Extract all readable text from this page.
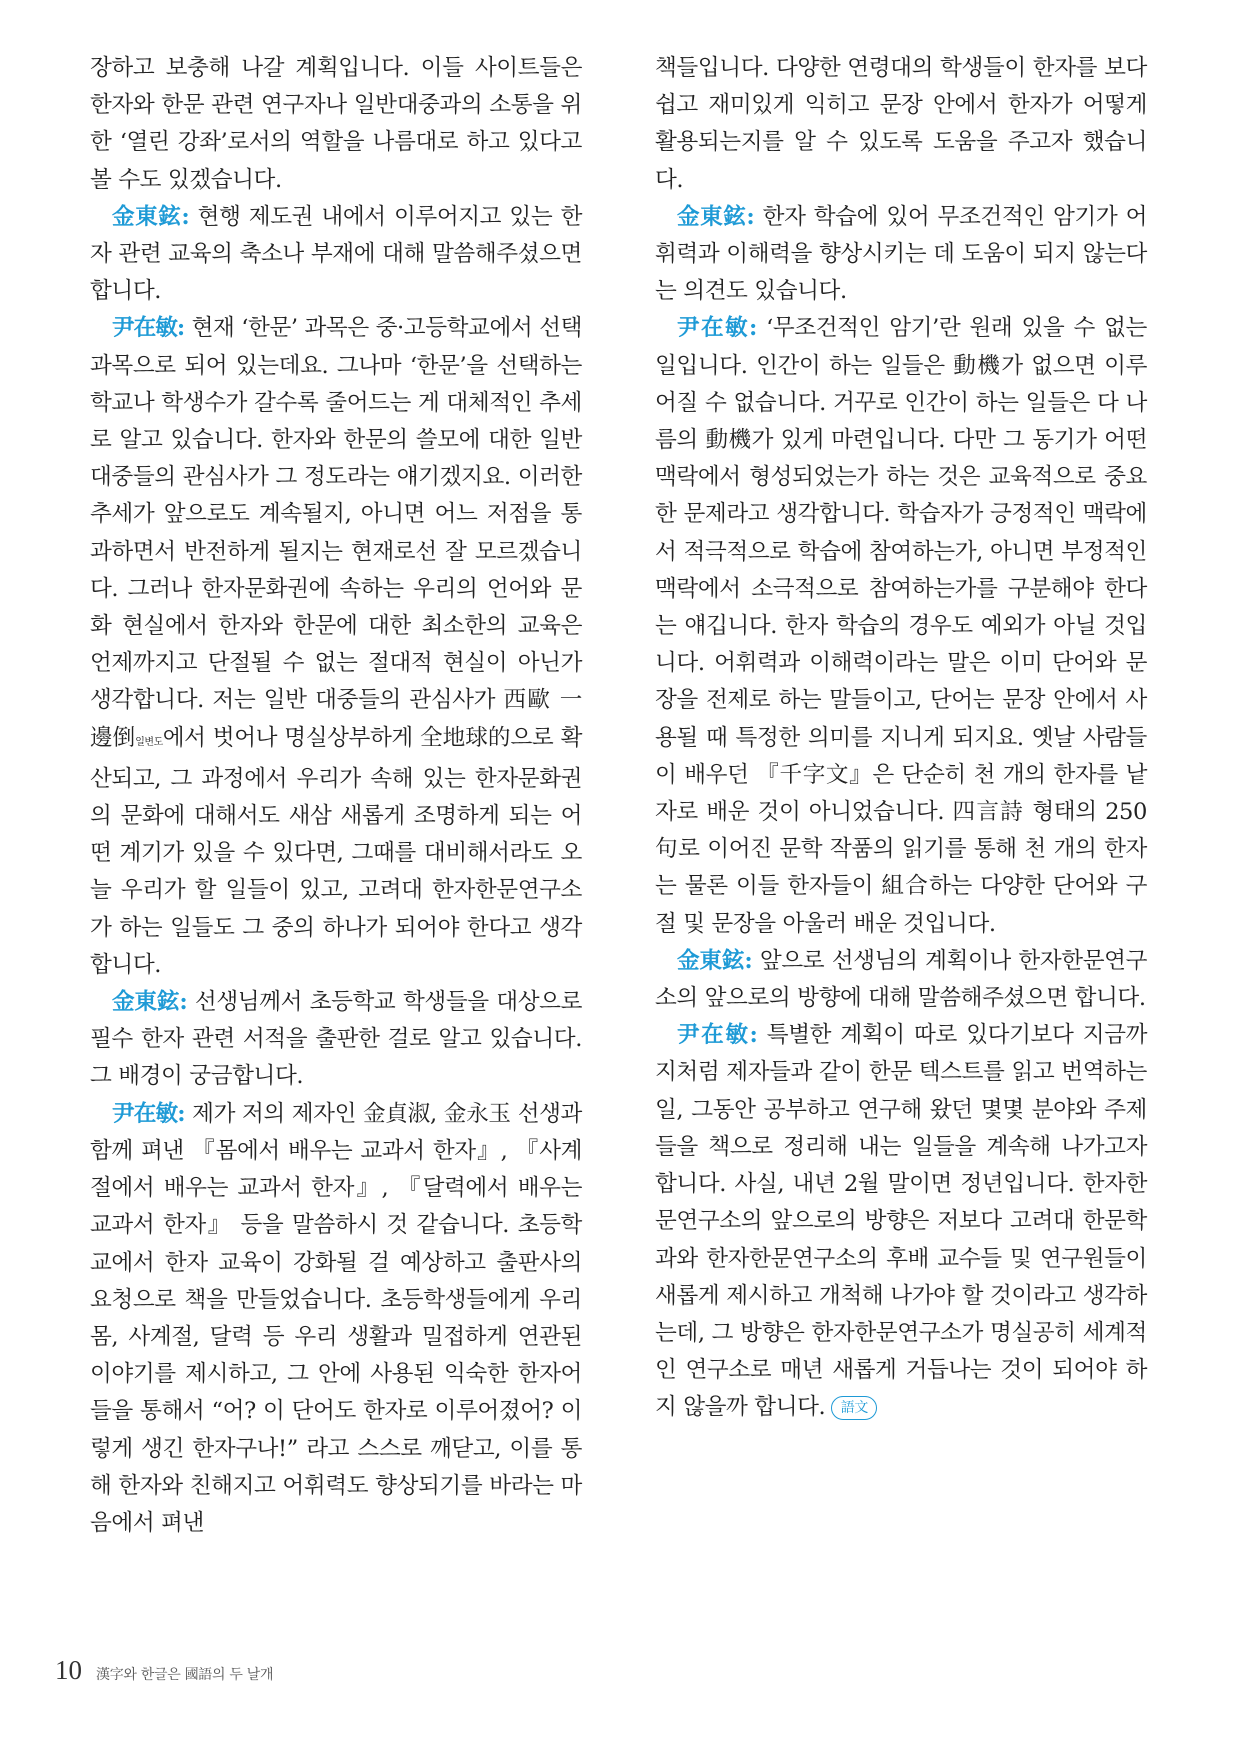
장하고 보충해 나갈 계획입니다. 이들 사이트들은 한자와 한문 관련 연구자나 일반대중과의 소통을 위한 ‘열린 강좌’로서의 역할을 나름대로 하고 있다고 볼 수도 있겠습니다.

金東鉉: 현행 제도권 내에서 이루어지고 있는 한자 관련 교육의 축소나 부재에 대해 말씀해주셨으면 합니다.

尹在敏: 현재 ‘한문’ 과목은 중·고등학교에서 선택과목으로 되어 있는데요. 그나마 ‘한문’을 선택하는 학교나 학생수가 갈수록 줄어드는 게 대체적인 추세로 알고 있습니다. 한자와 한문의 쓸모에 대한 일반 대중들의 관심사가 그 정도라는 얘기겠지요. 이러한 추세가 앞으로도 계속될지, 아니면 어느 저점을 통과하면서 반전하게 될지는 현재로선 잘 모르겠습니다. 그러나 한자문화권에 속하는 우리의 언어와 문화 현실에서 한자와 한문에 대한 최소한의 교육은 언제까지고 단절될 수 없는 절대적 현실이 아닌가 생각합니다. 저는 일반 대중들의 관심사가 西歐 一邊倒일변도에서 벗어나 명실상부하게 全地球的으로 확산되고, 그 과정에서 우리가 속해 있는 한자문화권의 문화에 대해서도 새삼 새롭게 조명하게 되는 어떤 계기가 있을 수 있다면, 그때를 대비해서라도 오늘 우리가 할 일들이 있고, 고려대 한자한문연구소가 하는 일들도 그 중의 하나가 되어야 한다고 생각합니다.

金東鉉: 선생님께서 초등학교 학생들을 대상으로 필수 한자 관련 서적을 출판한 걸로 알고 있습니다. 그 배경이 궁금합니다.

尹在敏: 제가 저의 제자인 金貞淑, 金永玉 선생과 함께 펴낸 『몸에서 배우는 교과서 한자』, 『사계절에서 배우는 교과서 한자』, 『달력에서 배우는 교과서 한자』 등을 말씀하시 것 같습니다. 초등학교에서 한자 교육이 강화될 걸 예상하고 출판사의 요청으로 책을 만들었습니다. 초등학생들에게 우리 몸, 사계절, 달력 등 우리 생활과 밀접하게 연관된 이야기를 제시하고, 그 안에 사용된 익숙한 한자어들을 통해서 “어? 이 단어도 한자로 이루어졌어? 이렇게 생긴 한자구나!” 라고 스스로 깨닫고, 이를 통해 한자와 친해지고 어휘력도 향상되기를 바라는 마음에서 펴낸

책들입니다. 다양한 연령대의 학생들이 한자를 보다 쉽고 재미있게 익히고 문장 안에서 한자가 어떻게 활용되는지를 알 수 있도록 도움을 주고자 했습니다.

金東鉉: 한자 학습에 있어 무조건적인 암기가 어휘력과 이해력을 향상시키는 데 도움이 되지 않는다는 의견도 있습니다.

尹在敏: ‘무조건적인 암기’란 원래 있을 수 없는 일입니다. 인간이 하는 일들은 動機가 없으면 이루어질 수 없습니다. 거꾸로 인간이 하는 일들은 다 나름의 動機가 있게 마련입니다. 다만 그 동기가 어떤 맥락에서 형성되었는가 하는 것은 교육적으로 중요한 문제라고 생각합니다. 학습자가 긍정적인 맥락에서 적극적으로 학습에 참여하는가, 아니면 부정적인 맥락에서 소극적으로 참여하는가를 구분해야 한다는 얘깁니다. 한자 학습의 경우도 예외가 아닐 것입니다. 어휘력과 이해력이라는 말은 이미 단어와 문장을 전제로 하는 말들이고, 단어는 문장 안에서 사용될 때 특정한 의미를 지니게 되지요. 옛날 사람들이 배우던 『千字文』은 단순히 천 개의 한자를 낱자로 배운 것이 아니었습니다. 四言詩 형태의 250句로 이어진 문학 작품의 읽기를 통해 천 개의 한자는 물론 이들 한자들이 組合하는 다양한 단어와 구절 및 문장을 아울러 배운 것입니다.

金東鉉: 앞으로 선생님의 계획이나 한자한문연구소의 앞으로의 방향에 대해 말씀해주셨으면 합니다.

尹在敏: 특별한 계획이 따로 있다기보다 지금까지처럼 제자들과 같이 한문 텍스트를 읽고 번역하는 일, 그동안 공부하고 연구해 왔던 몇몇 분야와 주제들을 책으로 정리해 내는 일들을 계속해 나가고자 합니다. 사실, 내년 2월 말이면 정년입니다. 한자한문연구소의 앞으로의 방향은 저보다 고려대 한문학과와 한자한문연구소의 후배 교수들 및 연구원들이 새롭게 제시하고 개척해 나가야 할 것이라고 생각하는데, 그 방향은 한자한문연구소가 명실공히 세계적인 연구소로 매년 새롭게 거듭나는 것이 되어야 하지 않을까 합니다. 語文

10 漢字와 한글은 國語의 두 날개
